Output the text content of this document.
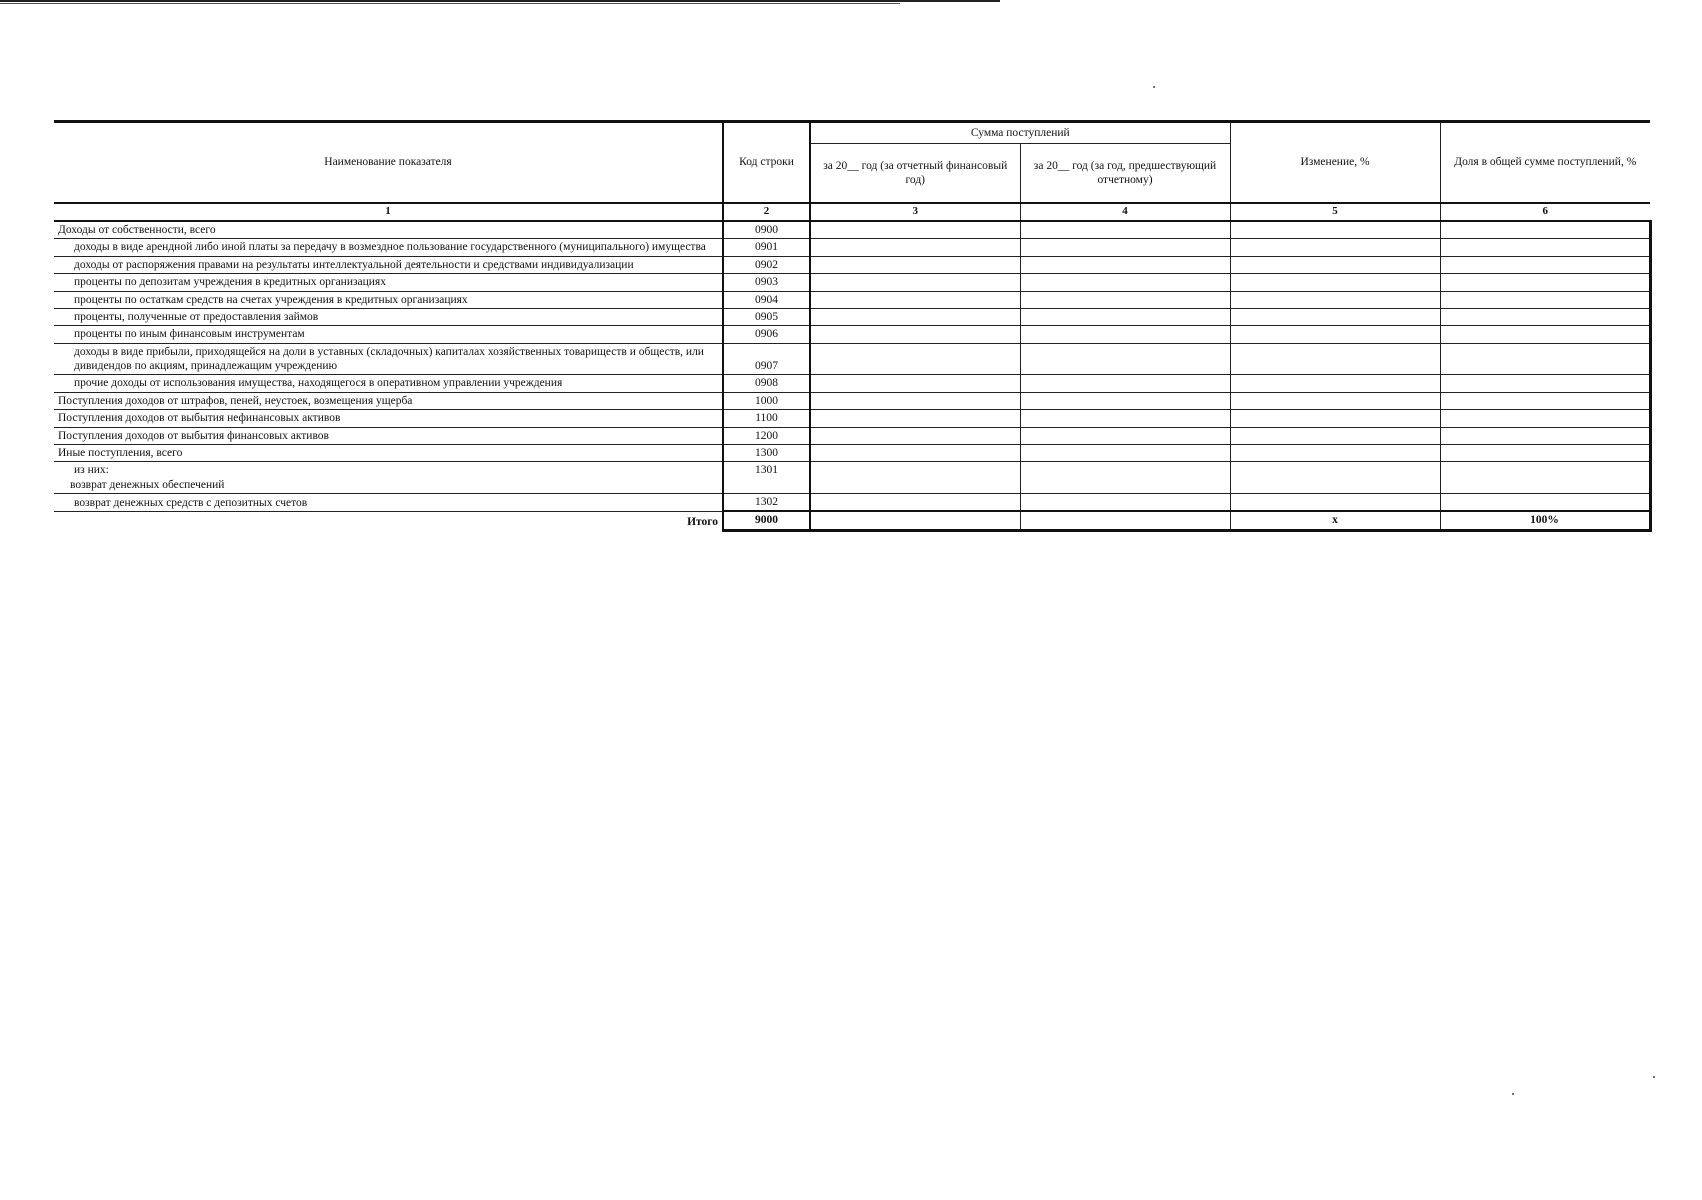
Наименование показателя	Код строки	Сумма поступлений		Изменение, %	Доля в общей сумме поступлений, %
		за 20__ год (за отчетный финансовый год)	за 20__ год (за год, предшествующий отчетному)		
1	2	3	4	5	6
Доходы от собственности, всего	0900				
доходы в виде арендной либо иной платы за передачу в возмездное пользование государственного (муниципального) имущества	0901				
доходы от распоряжения правами на результаты интеллектуальной деятельности и средствами индивидуализации	0902				
проценты по депозитам учреждения в кредитных организациях	0903				
проценты по остаткам средств на счетах учреждения в кредитных организациях	0904				
проценты, полученные от предоставления займов	0905				
проценты по иным финансовым инструментам	0906				
доходы в виде прибыли, приходящейся на доли в уставных (складочных) капиталах хозяйственных товариществ и обществ, или дивидендов по акциям, принадлежащим учреждению	0907				
прочие доходы от использования имущества, находящегося в оперативном управлении учреждения	0908				
Поступления доходов от штрафов, пеней, неустоек, возмещения ущерба	1000				
Поступления доходов от выбытия нефинансовых активов	1100				
Поступления доходов от выбытия финансовых активов	1200				
Иные поступления, всего	1300				

из них:
возврат денежных обеспечений	1301				
возврат денежных средств с депозитных счетов	1302				
Итого	9000			x	100%
